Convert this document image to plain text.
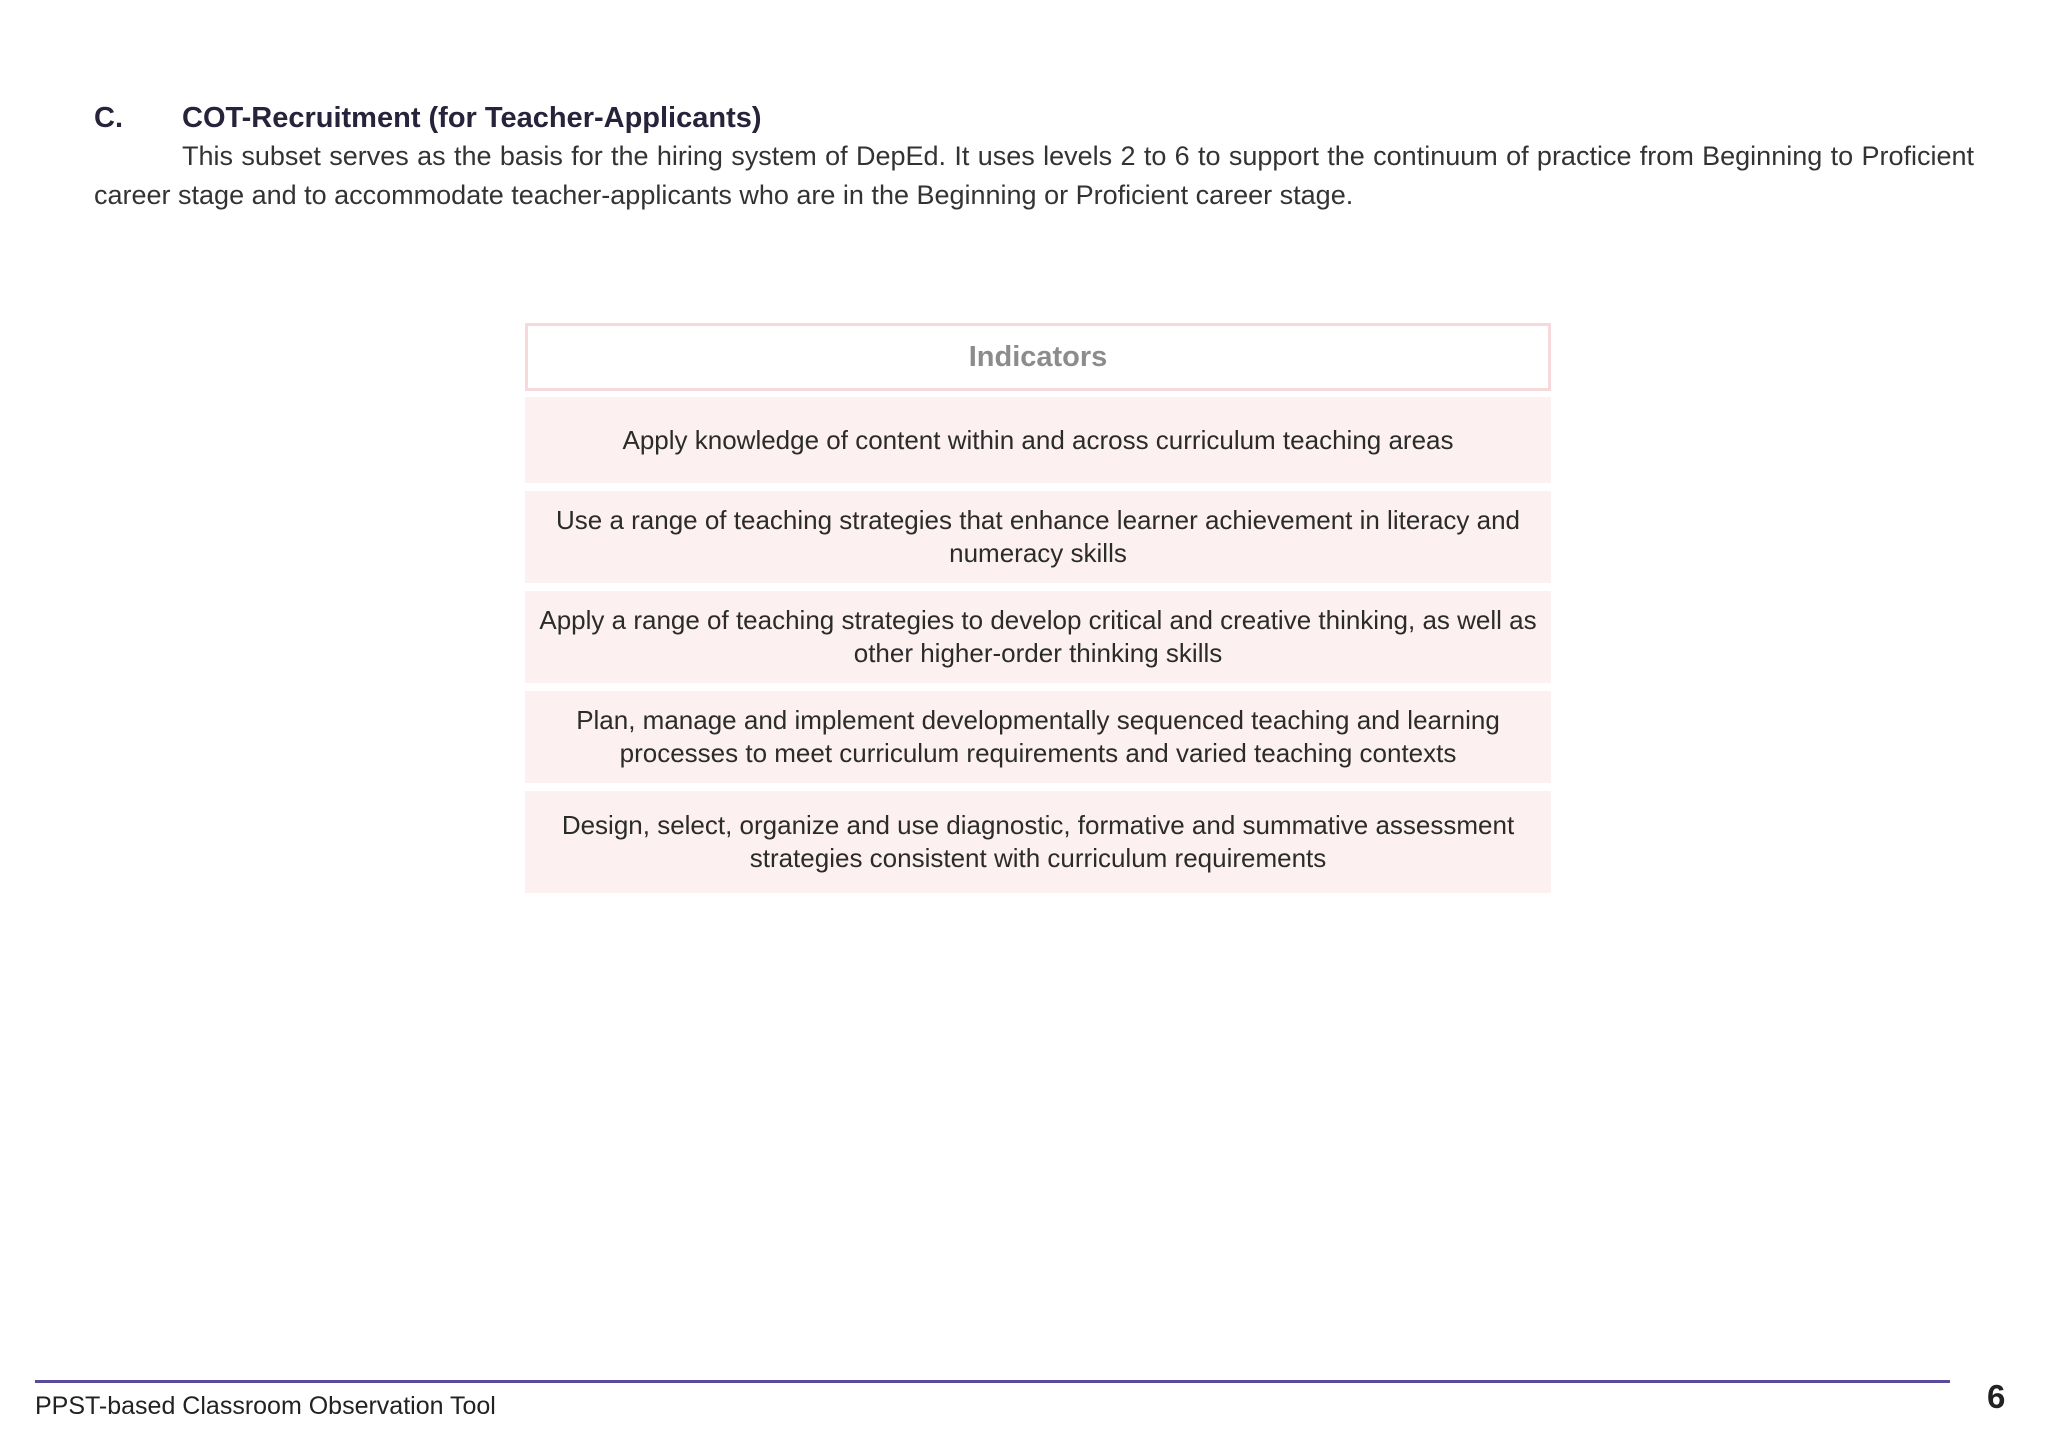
C. COT-Recruitment (for Teacher-Applicants)
This subset serves as the basis for the hiring system of DepEd. It uses levels 2 to 6 to support the continuum of practice from Beginning to Proficient career stage and to accommodate teacher-applicants who are in the Beginning or Proficient career stage.
Indicators
Apply knowledge of content within and across curriculum teaching areas
Use a range of teaching strategies that enhance learner achievement in literacy and numeracy skills
Apply a range of teaching strategies to develop critical and creative thinking, as well as other higher-order thinking skills
Plan, manage and implement developmentally sequenced teaching and learning processes to meet curriculum requirements and varied teaching contexts
Design, select, organize and use diagnostic, formative and summative assessment strategies consistent with curriculum requirements
PPST-based Classroom Observation Tool	6
